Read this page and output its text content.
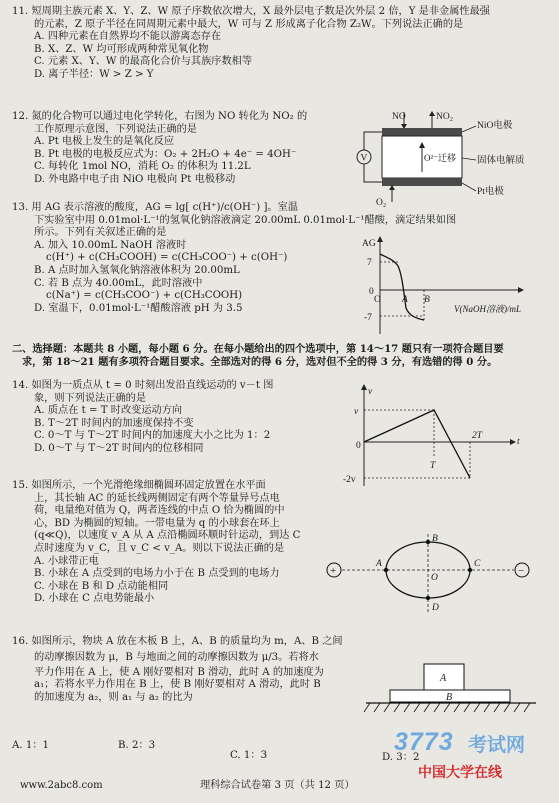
11. 短周期主族元素 X、Y、Z、W 原子序数依次增大，X 最外层电子数是次外层 2 倍，Y 是非金属性最强
的元素，Z 原子半径在同周期元素中最大，W 可与 Z 形成离子化合物 Z₂W。下列说法正确的是
A. 四种元素在自然界均不能以游离态存在
B. X、Z、W 均可形成两种常见氧化物
C. 元素 X、Y、W 的最高化合价与其族序数相等
D. 离子半径：W > Z > Y
12. 氮的化合物可以通过电化学转化，右图为 NO 转化为 NO₂ 的
工作原理示意图，下列说法正确的是
A. Pt 电极上发生的是氧化反应
B. Pt 电极的电极反应式为：O₂ + 2H₂O + 4e⁻ = 4OH⁻
C. 每转化 1mol NO，消耗 O₂ 的体积为 11.2L
D. 外电路中电子由 NiO 电极向 Pt 电极移动
NO	NO₂
O²⁻迁移
V
O₂
NiO电极
固体电解质
Pt电极
13. 用 AG 表示溶液的酸度，AG = lg[ c(H⁺)/c(OH⁻) ]。室温
下实验室中用 0.01mol·L⁻¹的氢氧化钠溶液滴定 20.00mL 0.01mol·L⁻¹醋酸，滴定结果如图
所示。下列有关叙述正确的是
A. 加入 10.00mL NaOH 溶液时
c(H⁺) + c(CH₃COOH) = c(CH₃COO⁻) + c(OH⁻)
B. A 点时加入氢氧化钠溶液体积为 20.00mL
C. 若 B 点为 40.00mL，此时溶液中
c(Na⁺) = c(CH₃COO⁻) + c(CH₃COOH)
D. 室温下，0.01mol·L⁻¹醋酸溶液 pH 为 3.5
AG
7
0
-7
O A B
V(NaOH溶液)/mL
二、选择题：本题共 8 小题，每小题 6 分。在每小题给出的四个选项中，第 14～17 题只有一项符合题目要
求，第 18～21 题有多项符合题目要求。全部选对的得 6 分，选对但不全的得 3 分，有选错的得 0 分。
14. 如图为一质点从 t = 0 时刻出发沿直线运动的 v－t 图
象，则下列说法正确的是
A. 质点在 t = T 时改变运动方向
B. T～2T 时间内的加速度保持不变
C. 0～T 与 T～2T 时间内的加速度大小之比为 1：2
D. 0～T 与 T～2T 时间内的位移相同
v
t
v
0
-2v
T
2T
15. 如图所示，一个光滑绝缘细椭圆环固定放置在水平面
上，其长轴 AC 的延长线两侧固定有两个等量异号点电
荷，电量绝对值为 Q，两者连线的中点 O 恰为椭圆的中
心，BD 为椭圆的短轴。一带电量为 q 的小球套在环上
(q≪Q)，以速度 v_A 从 A 点沿椭圆环顺时针运动，到达 C
点时速度为 v_C，且 v_C < v_A。则以下说法正确的是
A. 小球带正电
B. 小球在 A 点受到的电场力小于在 B 点受到的电场力
C. 小球在 B 和 D 点动能相同
D. 小球在 C 点电势能最小
+	−
A	C
B
D
O
16. 如图所示，物块 A 放在木板 B 上，A、B 的质量均为 m，A、B 之间
的动摩擦因数为 μ，B 与地面之间的动摩擦因数为 μ/3。若将水
平力作用在 A 上，使 A 刚好要相对 B 滑动，此时 A 的加速度为
a₁；若将水平力作用在 B 上，使 B 刚好要相对 A 滑动，此时 B
的加速度为 a₂，则 a₁ 与 a₂ 的比为
A. 1：1	B. 2：3
C. 1：3	D. 3：2
A
B
www.2abc8.com	理科综合试卷第 3 页（共 12 页）
3773 考试网
中国大学在线
